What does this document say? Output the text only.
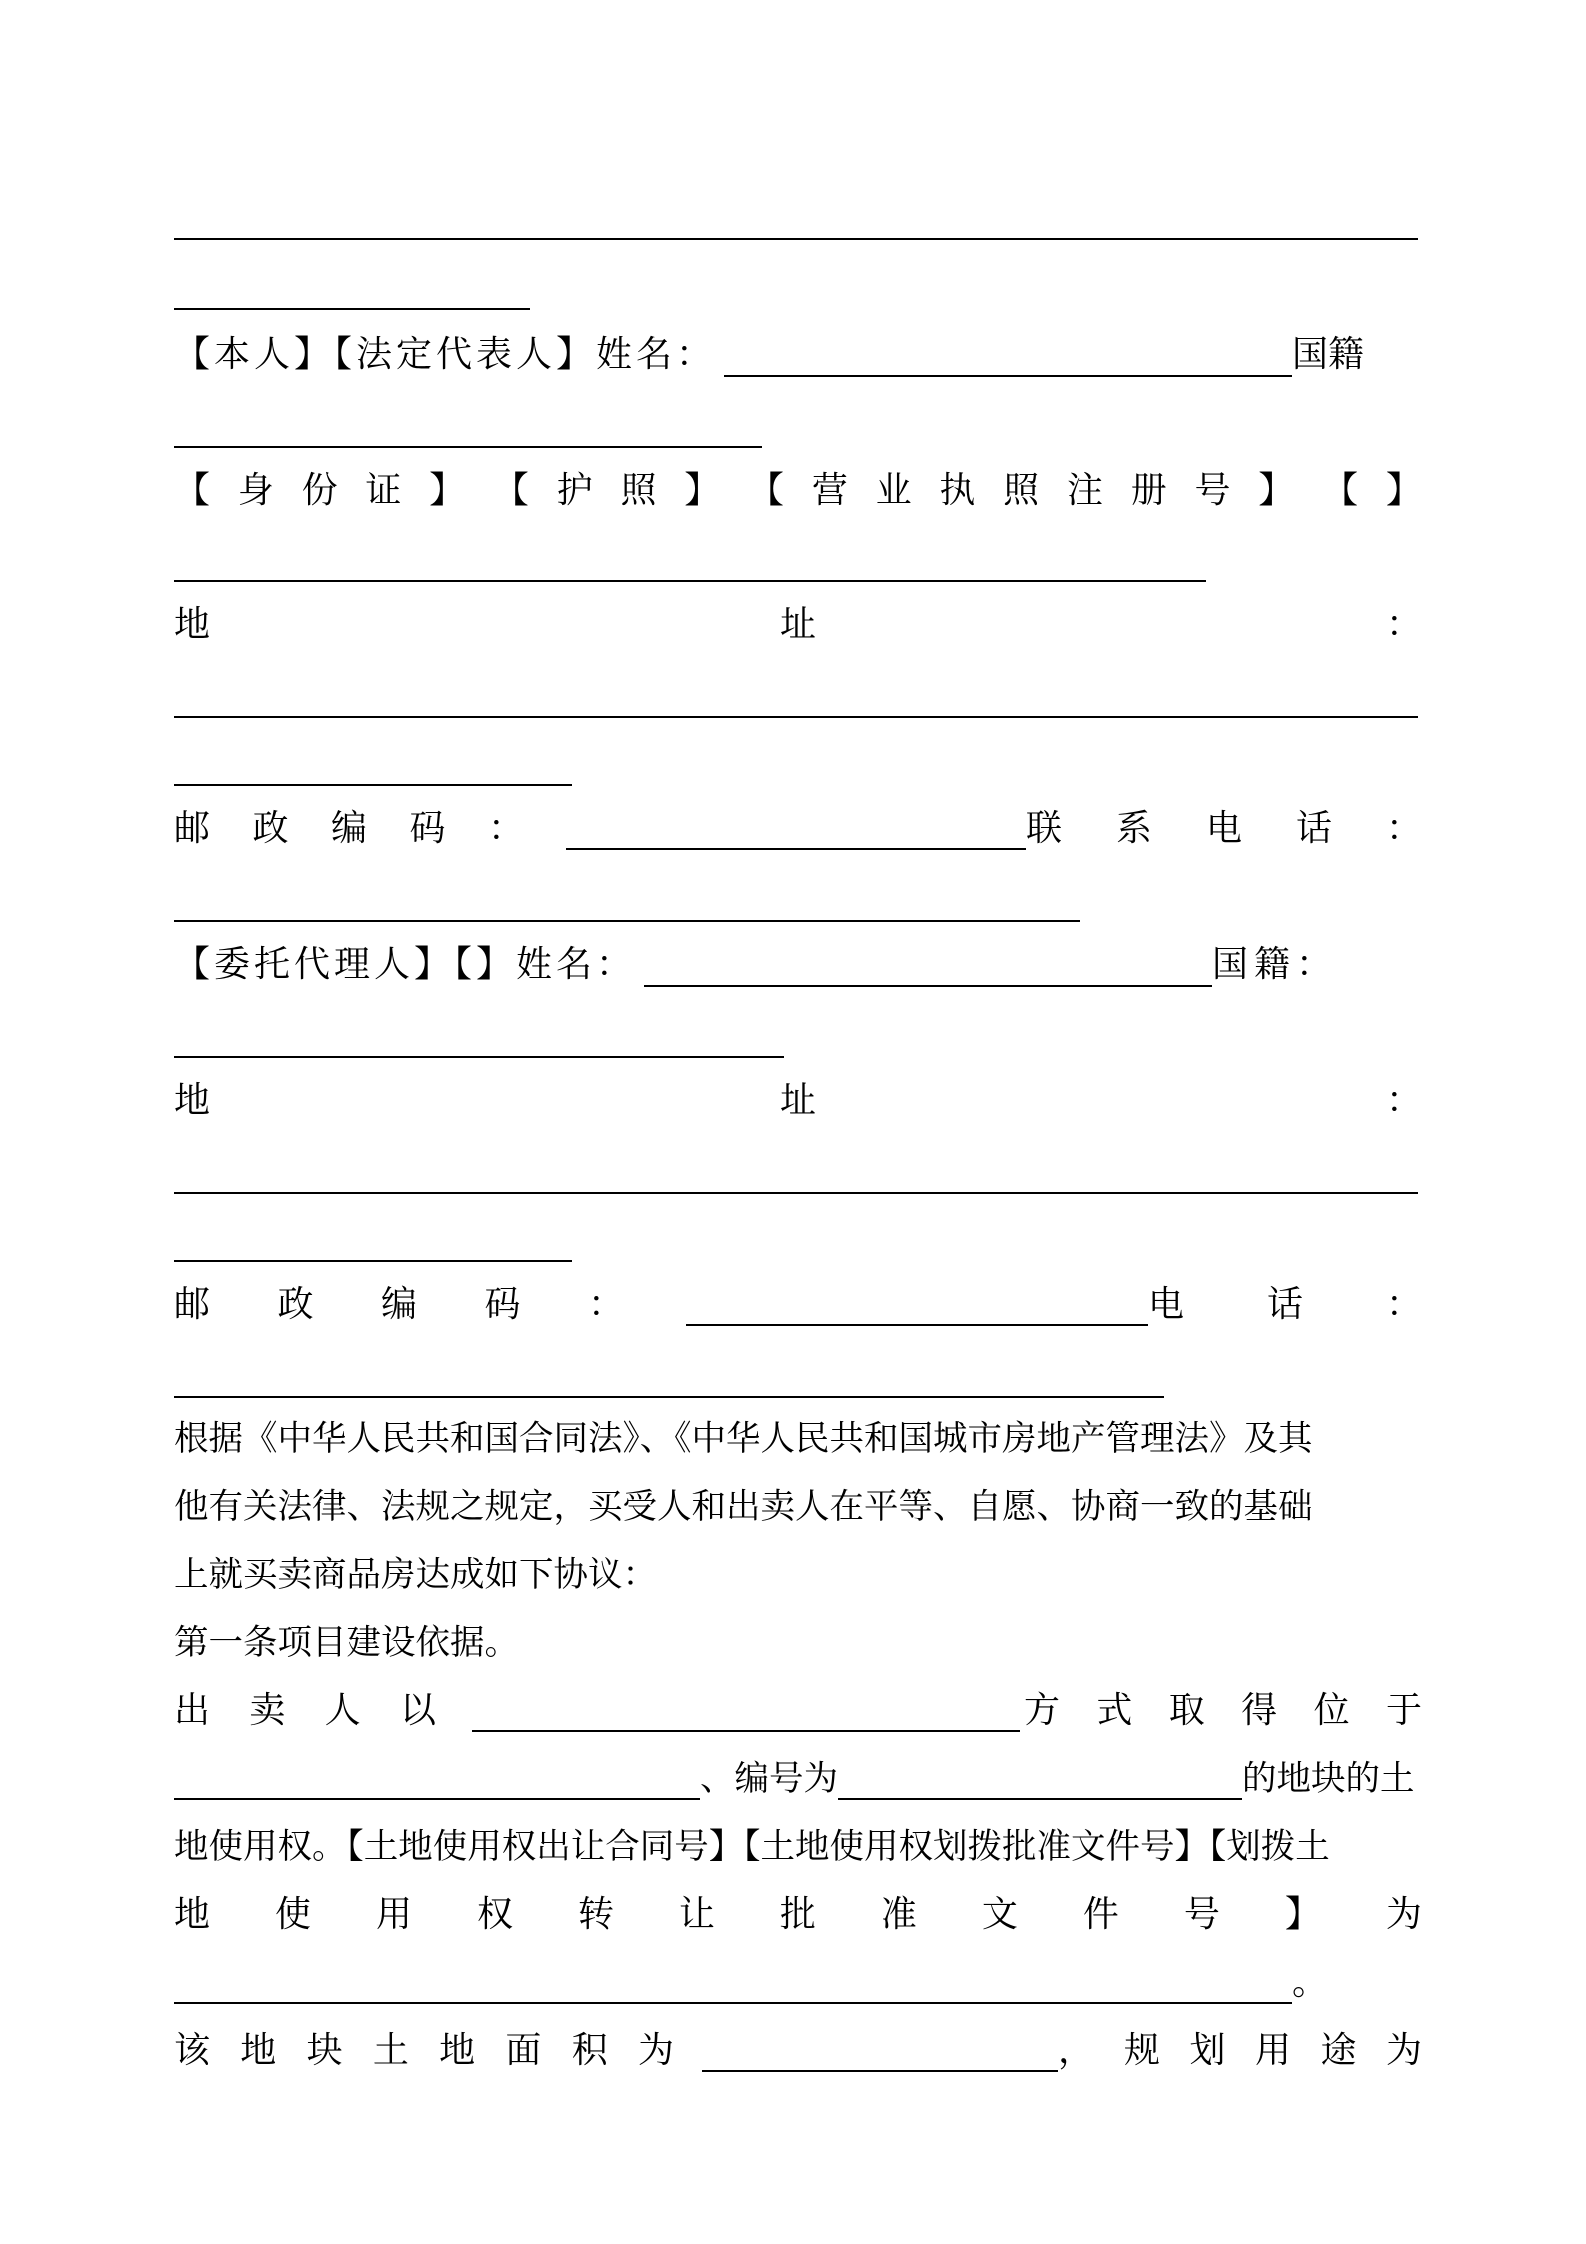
【本人】【法定代表人】姓名：	国籍
【 身 份 证 】 【 护 照 】 【 营 业 执 照 注 册 号 】 【 】
地	址	：
邮 政 编 码 ：	联 系 电 话 ：
【委托代理人】【】姓名：	国籍：
地	址	：
邮 政 编 码 ：	电 话 ：
根据《中华人民共和国合同法》、《中华人民共和国城市房地产管理法》及其
他有关法律、法规之规定，买受人和出卖人在平等、自愿、协商一致的基础
上就买卖商品房达成如下协议：
第一条项目建设依据。
出 卖 人 以	方 式 取 得 位 于
、编号为	的地块的土
地使用权。【土地使用权出让合同号】【土地使用权划拨批准文件号】【划拨土
地 使 用 权 转 让 批 准 文 件 号 】 为
。
该 地 块 土 地 面 积 为	， 规 划 用 途 为
